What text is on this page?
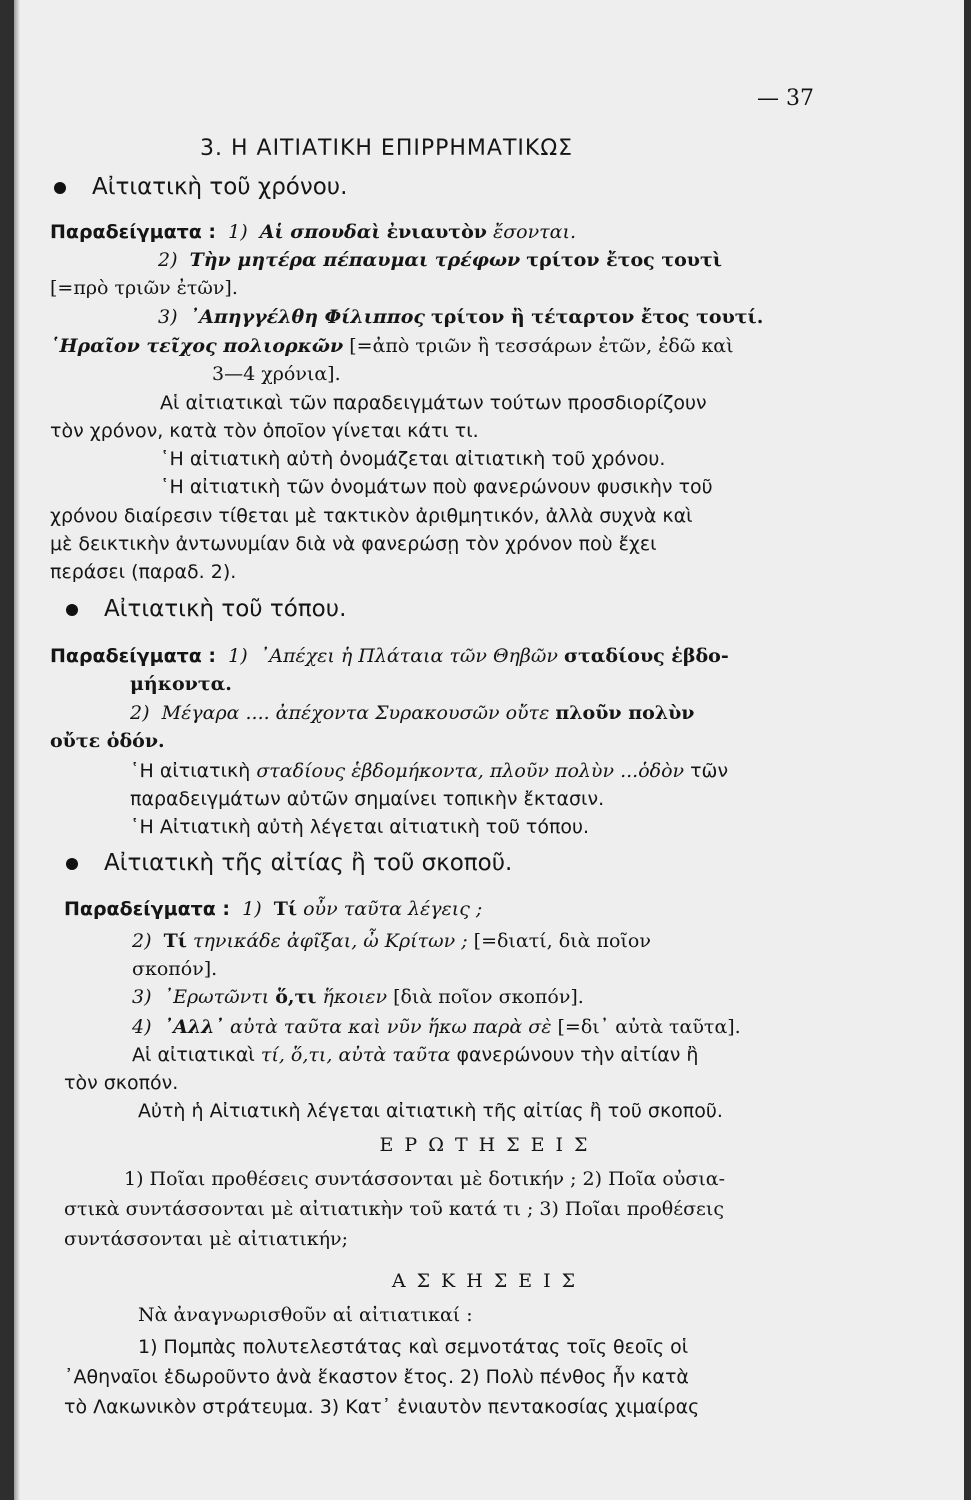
— 37
3. Η ΑΙΤΙΑΤΙΚΗ ΕΠΙΡΡΗΜΑΤΙΚΩΣ
Αἰτιατικὴ τοῦ χρόνου.
Παραδείγματα : 1) Αἱ σπουδαὶ ἐνιαυτὸν ἔσονται.
2) Τὴν μητέρα πέπαυμαι τρέφων τρίτον ἔτος τουτὶ
[=πρὸ τριῶν ἐτῶν].
3) ᾿Απηγγέλθη Φίλιππος τρίτον ἢ τέταρτον ἔτος τουτί.
῾Ηραῖον τεῖχος πολιορκῶν [=ἀπὸ τριῶν ἢ τεσσάρων ἐτῶν, ἐδῶ καὶ
3—4 χρόνια].
Αἱ αἰτιατικαὶ τῶν παραδειγμάτων τούτων προσδιορίζουν
τὸν χρόνον, κατὰ τὸν ὁποῖον γίνεται κάτι τι.
῾Η αἰτιατικὴ αὐτὴ ὀνομάζεται αἰτιατικὴ τοῦ χρόνου.
῾Η αἰτιατικὴ τῶν ὀνομάτων ποὺ φανερώνουν φυσικὴν τοῦ
χρόνου διαίρεσιν τίθεται μὲ τακτικὸν ἀριθμητικόν, ἀλλὰ συχνὰ καὶ
μὲ δεικτικὴν ἀντωνυμίαν διὰ νὰ φανερώσῃ τὸν χρόνον ποὺ ἔχει
περάσει (παραδ. 2).
Αἰτιατικὴ τοῦ τόπου.
Παραδείγματα : 1) ᾿Απέχει ἡ Πλάταια τῶν Θηβῶν σταδίους ἑβδο-
μήκοντα.
2) Μέγαρα .... ἀπέχοντα Συρακουσῶν οὔτε πλοῦν πολὺν
οὔτε ὁδόν.
῾Η αἰτιατικὴ σταδίους ἑβδομήκοντα, πλοῦν πολὺν ...ὁδὸν τῶν
παραδειγμάτων αὐτῶν σημαίνει τοπικὴν ἔκτασιν.
῾Η Αἰτιατικὴ αὐτὴ λέγεται αἰτιατικὴ τοῦ τόπου.
Αἰτιατικὴ τῆς αἰτίας ἢ τοῦ σκοποῦ.
Παραδείγματα : 1) Τί οὖν ταῦτα λέγεις ;
2) Τί τηνικάδε ἀφῖξαι, ὦ Κρίτων ; [=διατί, διὰ ποῖον
σκοπόν].
3) ᾿Ερωτῶντι ὅ,τι ἥκοιεν [διὰ ποῖον σκοπόν].
4) ᾿Αλλ᾿ αὐτὰ ταῦτα καὶ νῦν ἥκω παρὰ σὲ [=δι᾿ αὐτὰ ταῦτα].
Αἱ αἰτιατικαὶ τί, ὅ,τι, αὐτὰ ταῦτα φανερώνουν τὴν αἰτίαν ἢ
τὸν σκοπόν.
Αὐτὴ ἡ Αἰτιατικὴ λέγεται αἰτιατικὴ τῆς αἰτίας ἢ τοῦ σκοποῦ.
ΕΡΩΤΗΣΕΙΣ
1) Ποῖαι προθέσεις συντάσσονται μὲ δοτικήν ; 2) Ποῖα οὐσια-
στικὰ συντάσσονται μὲ αἰτιατικὴν τοῦ κατά τι ; 3) Ποῖαι προθέσεις
συντάσσονται μὲ αἰτιατικήν;
ΑΣΚΗΣΕΙΣ
Νὰ ἀναγνωρισθοῦν αἱ αἰτιατικαί :
1) Πομπὰς πολυτελεστάτας καὶ σεμνοτάτας τοῖς θεοῖς οἱ
᾿Αθηναῖοι ἐδωροῦντο ἀνὰ ἕκαστον ἔτος. 2) Πολὺ πένθος ἦν κατὰ
τὸ Λακωνικὸν στράτευμα. 3) Κατ᾿ ἐνιαυτὸν πεντακοσίας χιμαίρας
